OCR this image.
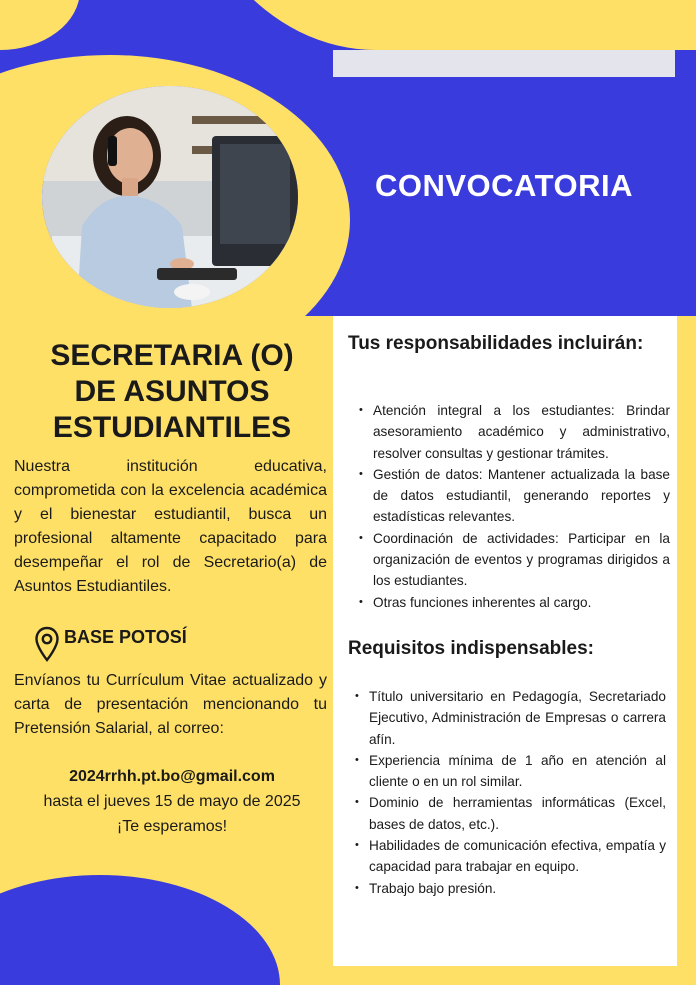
CONVOCATORIA
SECRETARIA (O)
DE ASUNTOS
ESTUDIANTILES

Nuestra institución educativa, comprometida con la excelencia académica y el bienestar estudiantil, busca un profesional altamente capacitado para desempeñar el rol de Secretario(a) de Asuntos Estudiantiles.

BASE POTOSÍ

Envíanos tu Currículum Vitae actualizado y carta de presentación mencionando tu Pretensión Salarial, al correo:

2024rrhh.pt.bo@gmail.com
hasta el jueves 15 de mayo de 2025
¡Te esperamos!
Tus responsabilidades incluirán:
• Atención integral a los estudiantes: Brindar asesoramiento académico y administrativo, resolver consultas y gestionar trámites.
• Gestión de datos: Mantener actualizada la base de datos estudiantil, generando reportes y estadísticas relevantes.
• Coordinación de actividades: Participar en la organización de eventos y programas dirigidos a los estudiantes.
• Otras funciones inherentes al cargo.
Requisitos indispensables:
• Título universitario en Pedagogía, Secretariado Ejecutivo, Administración de Empresas o carrera afín.
• Experiencia mínima de 1 año en atención al cliente o en un rol similar.
• Dominio de herramientas informáticas (Excel, bases de datos, etc.).
• Habilidades de comunicación efectiva, empatía y capacidad para trabajar en equipo.
• Trabajo bajo presión.
